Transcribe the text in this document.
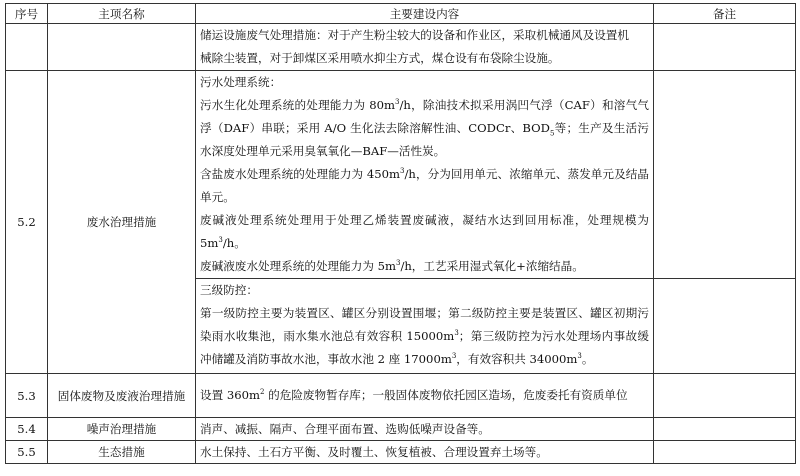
序号	主项名称	主要建设内容	备注

		储运设施废气处理措施：对于产生粉尘较大的设备和作业区，采取机械通风及设置机

械除尘装置，对于卸煤区采用喷水抑尘方式，煤仓设有布袋除尘设施。	

5.2	废水治理措施	污水处理系统：

污水生化处理系统的处理能力为 $80m^3/h$，除油技术拟采用涡凹气浮（CAF）和溶气气浮（DAF）串联；采用 A/O 生化法去除溶解性油、CODCr、$BOD_5$等；生产及生活污水深度处理单元采用臭氧氧化—BAF—活性炭。

含盐废水处理系统的处理能力为 $450m^3/h$，分为回用单元、浓缩单元、蒸发单元及结晶单元。

废碱液处理系统处理用于处理乙烯装置废碱液，凝结水达到回用标准，处理规模为 $5m^3/h$。

废碱液废水处理系统的处理能力为 $5m^3/h$，工艺采用湿式氧化+浓缩结晶。	

		三级防控：

第一级防控主要为装置区、罐区分别设置围堰；第二级防控主要是装置区、罐区初期污染雨水收集池，雨水集水池总有效容积 $15000m^3$；第三级防控为污水处理场内事故缓冲储罐及消防事故水池，事故水池 2 座 $17000m^3$，有效容积共 $34000m^3$。	

5.3	固体废物及废液治理措施	设置 $360m^2$ 的危险废物暂存库；一般固体废物依托园区造场，危废委托有资质单位	

5.4	噪声治理措施	消声、减振、隔声、合理平面布置、选购低噪声设备等。	
5.5	生态措施	水土保持、土石方平衡、及时覆土、恢复植被、合理设置弃土场等。	
